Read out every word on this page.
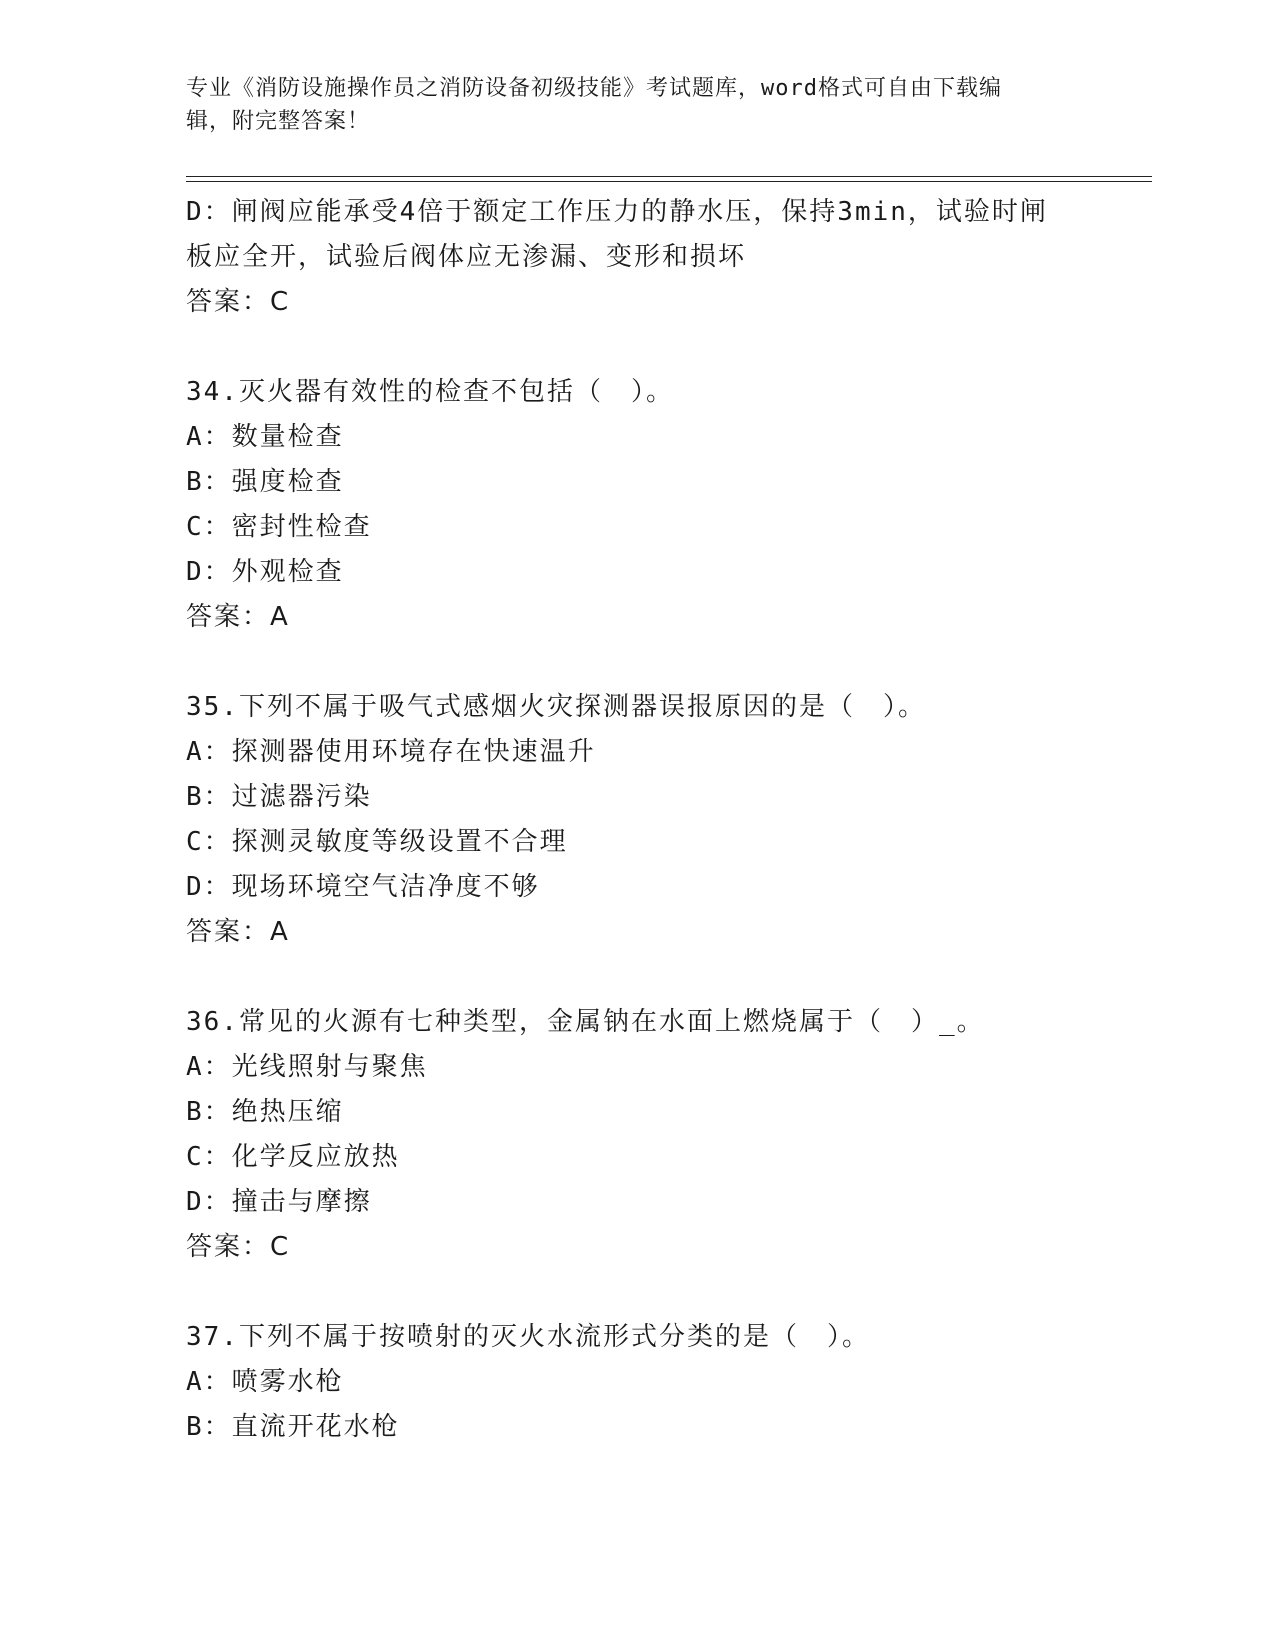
专业《消防设施操作员之消防设备初级技能》考试题库，word格式可自由下载编
辑，附完整答案！
D：闸阀应能承受4倍于额定工作压力的静水压，保持3min，试验时闸
板应全开，试验后阀体应无渗漏、变形和损坏
答案：C
34.灭火器有效性的检查不包括（　）。
A：数量检查
B：强度检查
C：密封性检查
D：外观检查
答案：A
35.下列不属于吸气式感烟火灾探测器误报原因的是（　）。
A：探测器使用环境存在快速温升
B：过滤器污染
C：探测灵敏度等级设置不合理
D：现场环境空气洁净度不够
答案：A
36.常见的火源有七种类型，金属钠在水面上燃烧属于（　）_。
A：光线照射与聚焦
B：绝热压缩
C：化学反应放热
D：撞击与摩擦
答案：C
37.下列不属于按喷射的灭火水流形式分类的是（　）。
A：喷雾水枪
B：直流开花水枪
